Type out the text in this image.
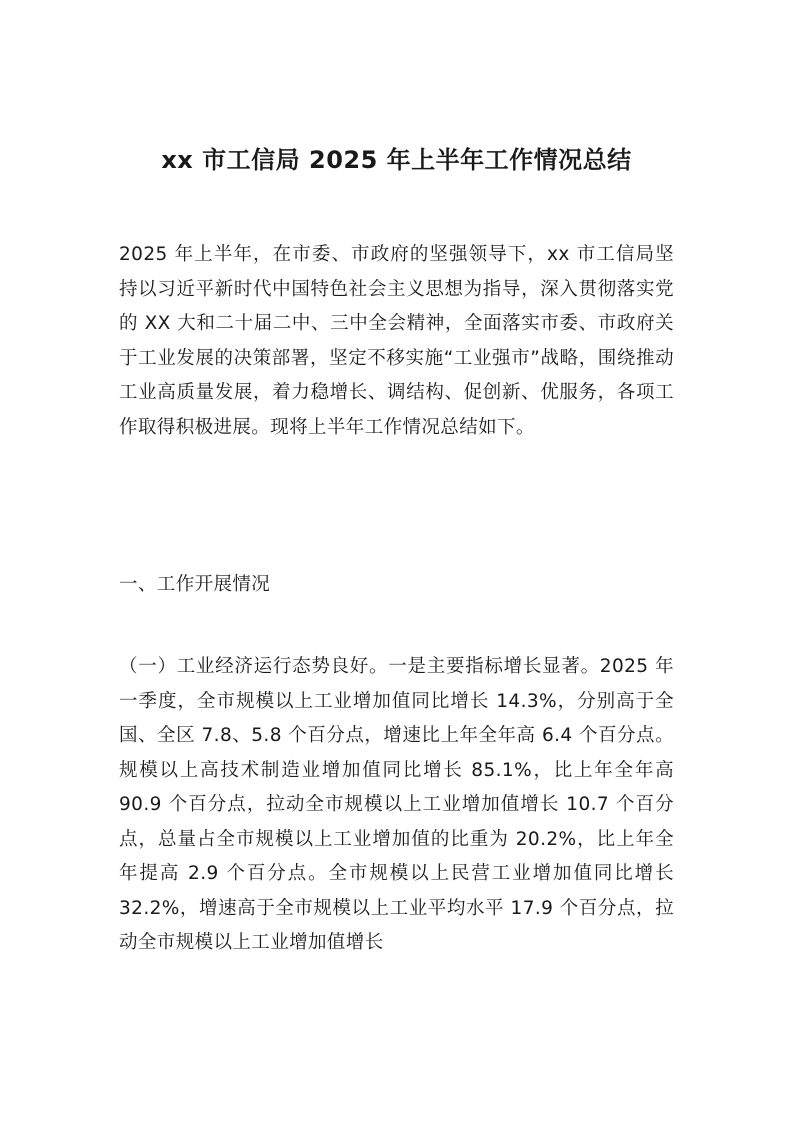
xx 市工信局 2025 年上半年工作情况总结

2025 年上半年，在市委、市政府的坚强领导下，xx 市工信局坚持以习近平新时代中国特色社会主义思想为指导，深入贯彻落实党的 XX 大和二十届二中、三中全会精神，全面落实市委、市政府关于工业发展的决策部署，坚定不移实施“工业强市”战略，围绕推动工业高质量发展，着力稳增长、调结构、促创新、优服务，各项工作取得积极进展。现将上半年工作情况总结如下。

一、工作开展情况

（一）工业经济运行态势良好。一是主要指标增长显著。2025 年一季度，全市规模以上工业增加值同比增长 14.3%，分别高于全国、全区 7.8、5.8 个百分点，增速比上年全年高 6.4 个百分点。规模以上高技术制造业增加值同比增长 85.1%，比上年全年高 90.9 个百分点，拉动全市规模以上工业增加值增长 10.7 个百分点，总量占全市规模以上工业增加值的比重为 20.2%，比上年全年提高 2.9 个百分点。全市规模以上民营工业增加值同比增长 32.2%，增速高于全市规模以上工业平均水平 17.9 个百分点，拉动全市规模以上工业增加值增长
